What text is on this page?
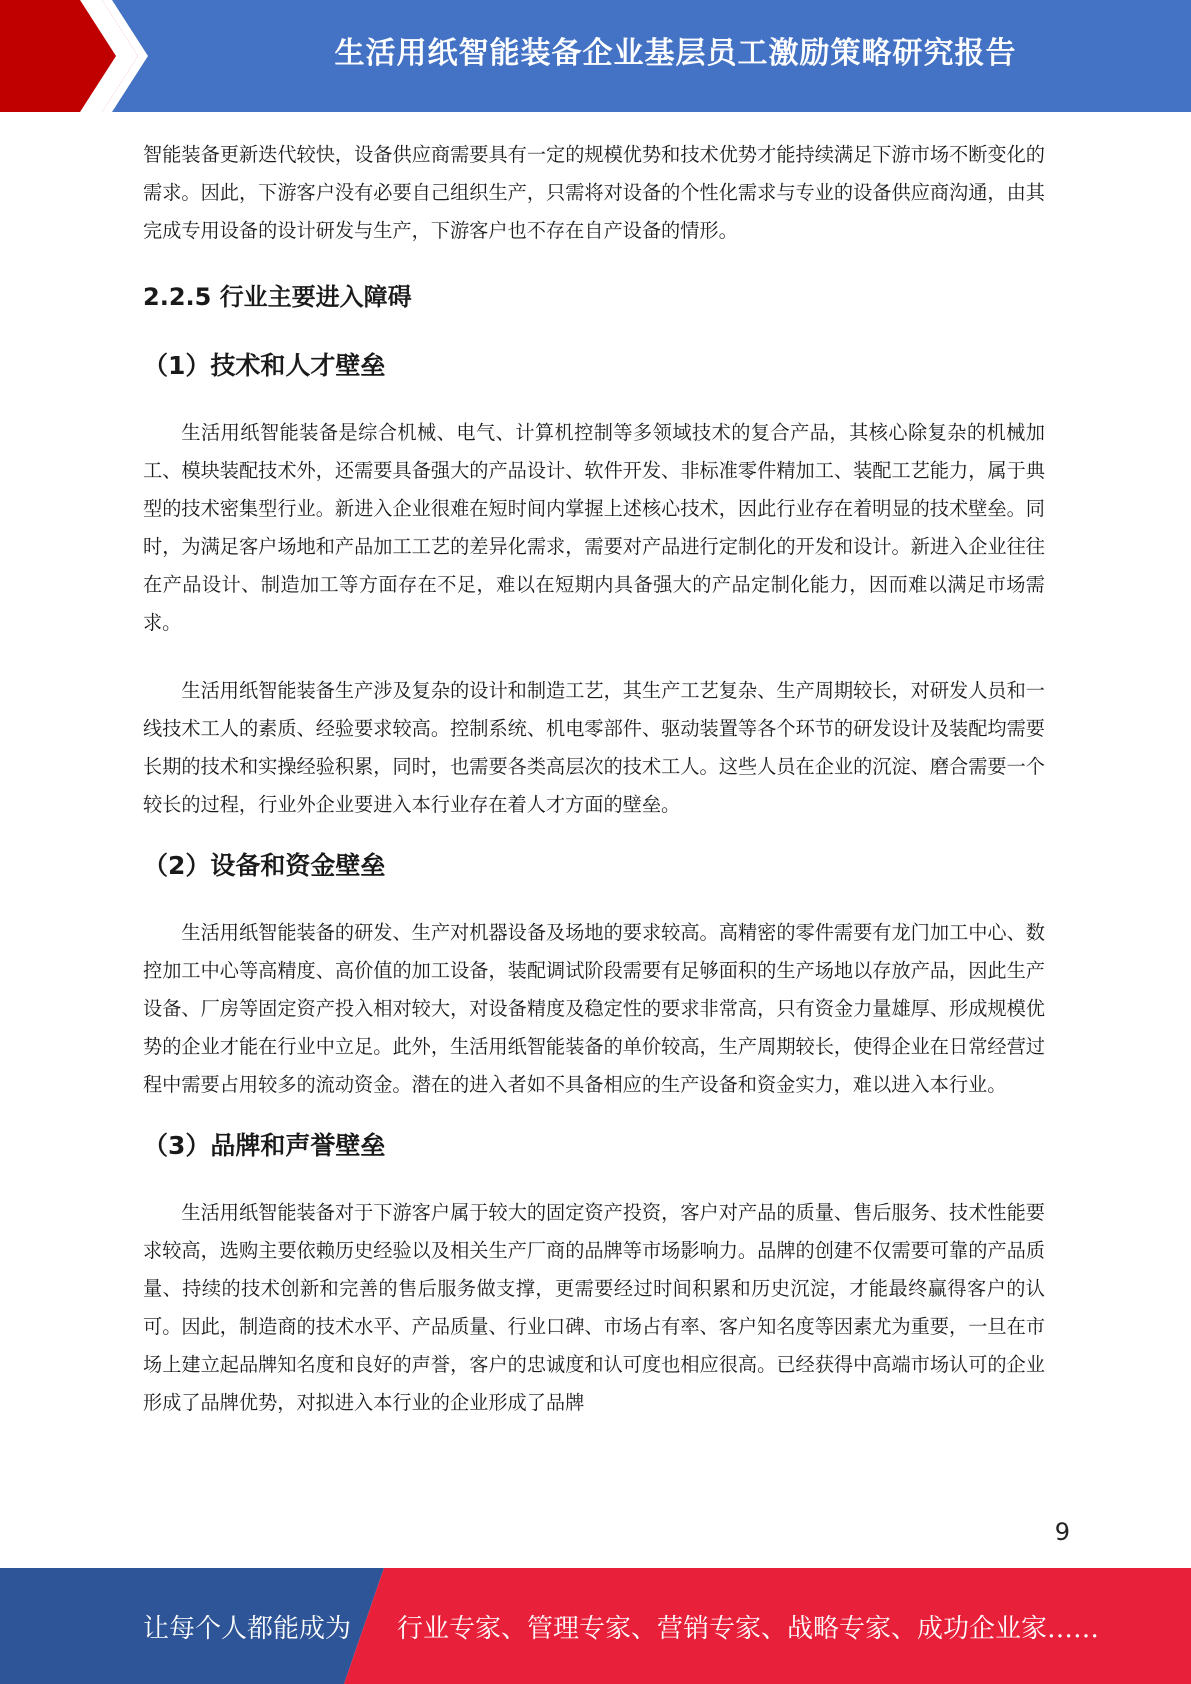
生活用纸智能装备企业基层员工激励策略研究报告

智能装备更新迭代较快，设备供应商需要具有一定的规模优势和技术优势才能持续满足下游市场不断变化的需求。因此，下游客户没有必要自己组织生产，只需将对设备的个性化需求与专业的设备供应商沟通，由其完成专用设备的设计研发与生产，下游客户也不存在自产设备的情形。

2.2.5 行业主要进入障碍
（1）技术和人才壁垒

生活用纸智能装备是综合机械、电气、计算机控制等多领域技术的复合产品，其核心除复杂的机械加工、模块装配技术外，还需要具备强大的产品设计、软件开发、非标准零件精加工、装配工艺能力，属于典型的技术密集型行业。新进入企业很难在短时间内掌握上述核心技术，因此行业存在着明显的技术壁垒。同时，为满足客户场地和产品加工工艺的差异化需求，需要对产品进行定制化的开发和设计。新进入企业往往在产品设计、制造加工等方面存在不足，难以在短期内具备强大的产品定制化能力，因而难以满足市场需求。

生活用纸智能装备生产涉及复杂的设计和制造工艺，其生产工艺复杂、生产周期较长，对研发人员和一线技术工人的素质、经验要求较高。控制系统、机电零部件、驱动装置等各个环节的研发设计及装配均需要长期的技术和实操经验积累，同时，也需要各类高层次的技术工人。这些人员在企业的沉淀、磨合需要一个较长的过程，行业外企业要进入本行业存在着人才方面的壁垒。

（2）设备和资金壁垒

生活用纸智能装备的研发、生产对机器设备及场地的要求较高。高精密的零件需要有龙门加工中心、数控加工中心等高精度、高价值的加工设备，装配调试阶段需要有足够面积的生产场地以存放产品，因此生产设备、厂房等固定资产投入相对较大，对设备精度及稳定性的要求非常高，只有资金力量雄厚、形成规模优势的企业才能在行业中立足。此外，生活用纸智能装备的单价较高，生产周期较长，使得企业在日常经营过程中需要占用较多的流动资金。潜在的进入者如不具备相应的生产设备和资金实力，难以进入本行业。

（3）品牌和声誉壁垒

生活用纸智能装备对于下游客户属于较大的固定资产投资，客户对产品的质量、售后服务、技术性能要求较高，选购主要依赖历史经验以及相关生产厂商的品牌等市场影响力。品牌的创建不仅需要可靠的产品质量、持续的技术创新和完善的售后服务做支撑，更需要经过时间积累和历史沉淀，才能最终赢得客户的认可。因此，制造商的技术水平、产品质量、行业口碑、市场占有率、客户知名度等因素尤为重要，一旦在市场上建立起品牌知名度和良好的声誉，客户的忠诚度和认可度也相应很高。已经获得中高端市场认可的企业形成了品牌优势，对拟进入本行业的企业形成了品牌

9
让每个人都能成为 行业专家、管理专家、营销专家、战略专家、成功企业家……
